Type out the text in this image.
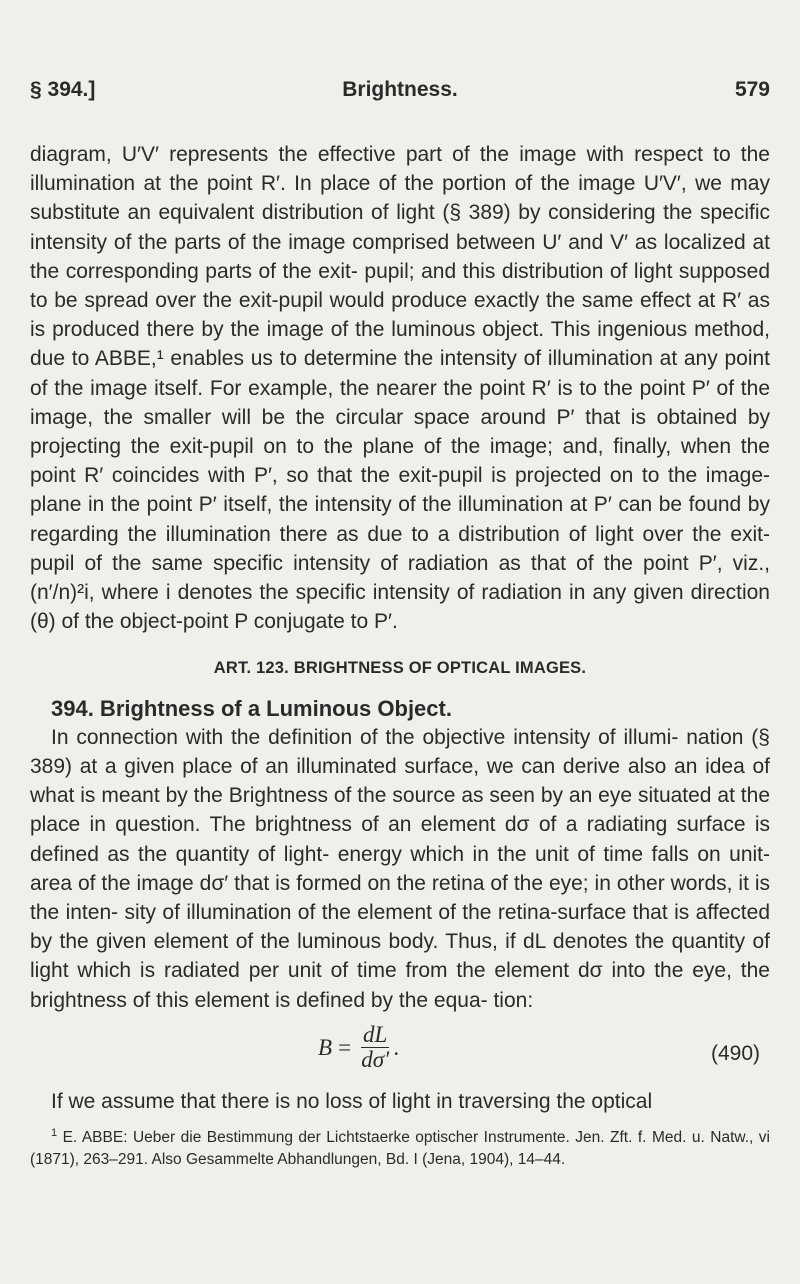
§ 394.]	Brightness.	579

diagram, U′V′ represents the effective part of the image with respect to the illumination at the point R′. In place of the portion of the image U′V′, we may substitute an equivalent distribution of light (§ 389) by considering the specific intensity of the parts of the image comprised between U′ and V′ as localized at the corresponding parts of the exit- pupil; and this distribution of light supposed to be spread over the exit-pupil would produce exactly the same effect at R′ as is produced there by the image of the luminous object. This ingenious method, due to ABBE,¹ enables us to determine the intensity of illumination at any point of the image itself. For example, the nearer the point R′ is to the point P′ of the image, the smaller will be the circular space around P′ that is obtained by projecting the exit-pupil on to the plane of the image; and, finally, when the point R′ coincides with P′, so that the exit-pupil is projected on to the image-plane in the point P′ itself, the intensity of the illumination at P′ can be found by regarding the illumination there as due to a distribution of light over the exit- pupil of the same specific intensity of radiation as that of the point P′, viz., (n′/n)²i, where i denotes the specific intensity of radiation in any given direction (θ) of the object-point P conjugate to P′.

ART. 123. BRIGHTNESS OF OPTICAL IMAGES.
394. Brightness of a Luminous Object.

In connection with the definition of the objective intensity of illumi- nation (§ 389) at a given place of an illuminated surface, we can derive also an idea of what is meant by the Brightness of the source as seen by an eye situated at the place in question. The brightness of an element dσ of a radiating surface is defined as the quantity of light- energy which in the unit of time falls on unit-area of the image dσ′ that is formed on the retina of the eye; in other words, it is the inten- sity of illumination of the element of the retina-surface that is affected by the given element of the luminous body. Thus, if dL denotes the quantity of light which is radiated per unit of time from the element dσ into the eye, the brightness of this element is defined by the equa- tion:

$B = \frac{dL}{d\sigma'}$ .	(490)

If we assume that there is no loss of light in traversing the optical

$^1$ E. ABBE: Ueber die Bestimmung der Lichtstaerke optischer Instrumente. Jen. Zft. f. Med. u. Natw., vi (1871), 263–291. Also Gesammelte Abhandlungen, Bd. I (Jena, 1904), 14–44.
